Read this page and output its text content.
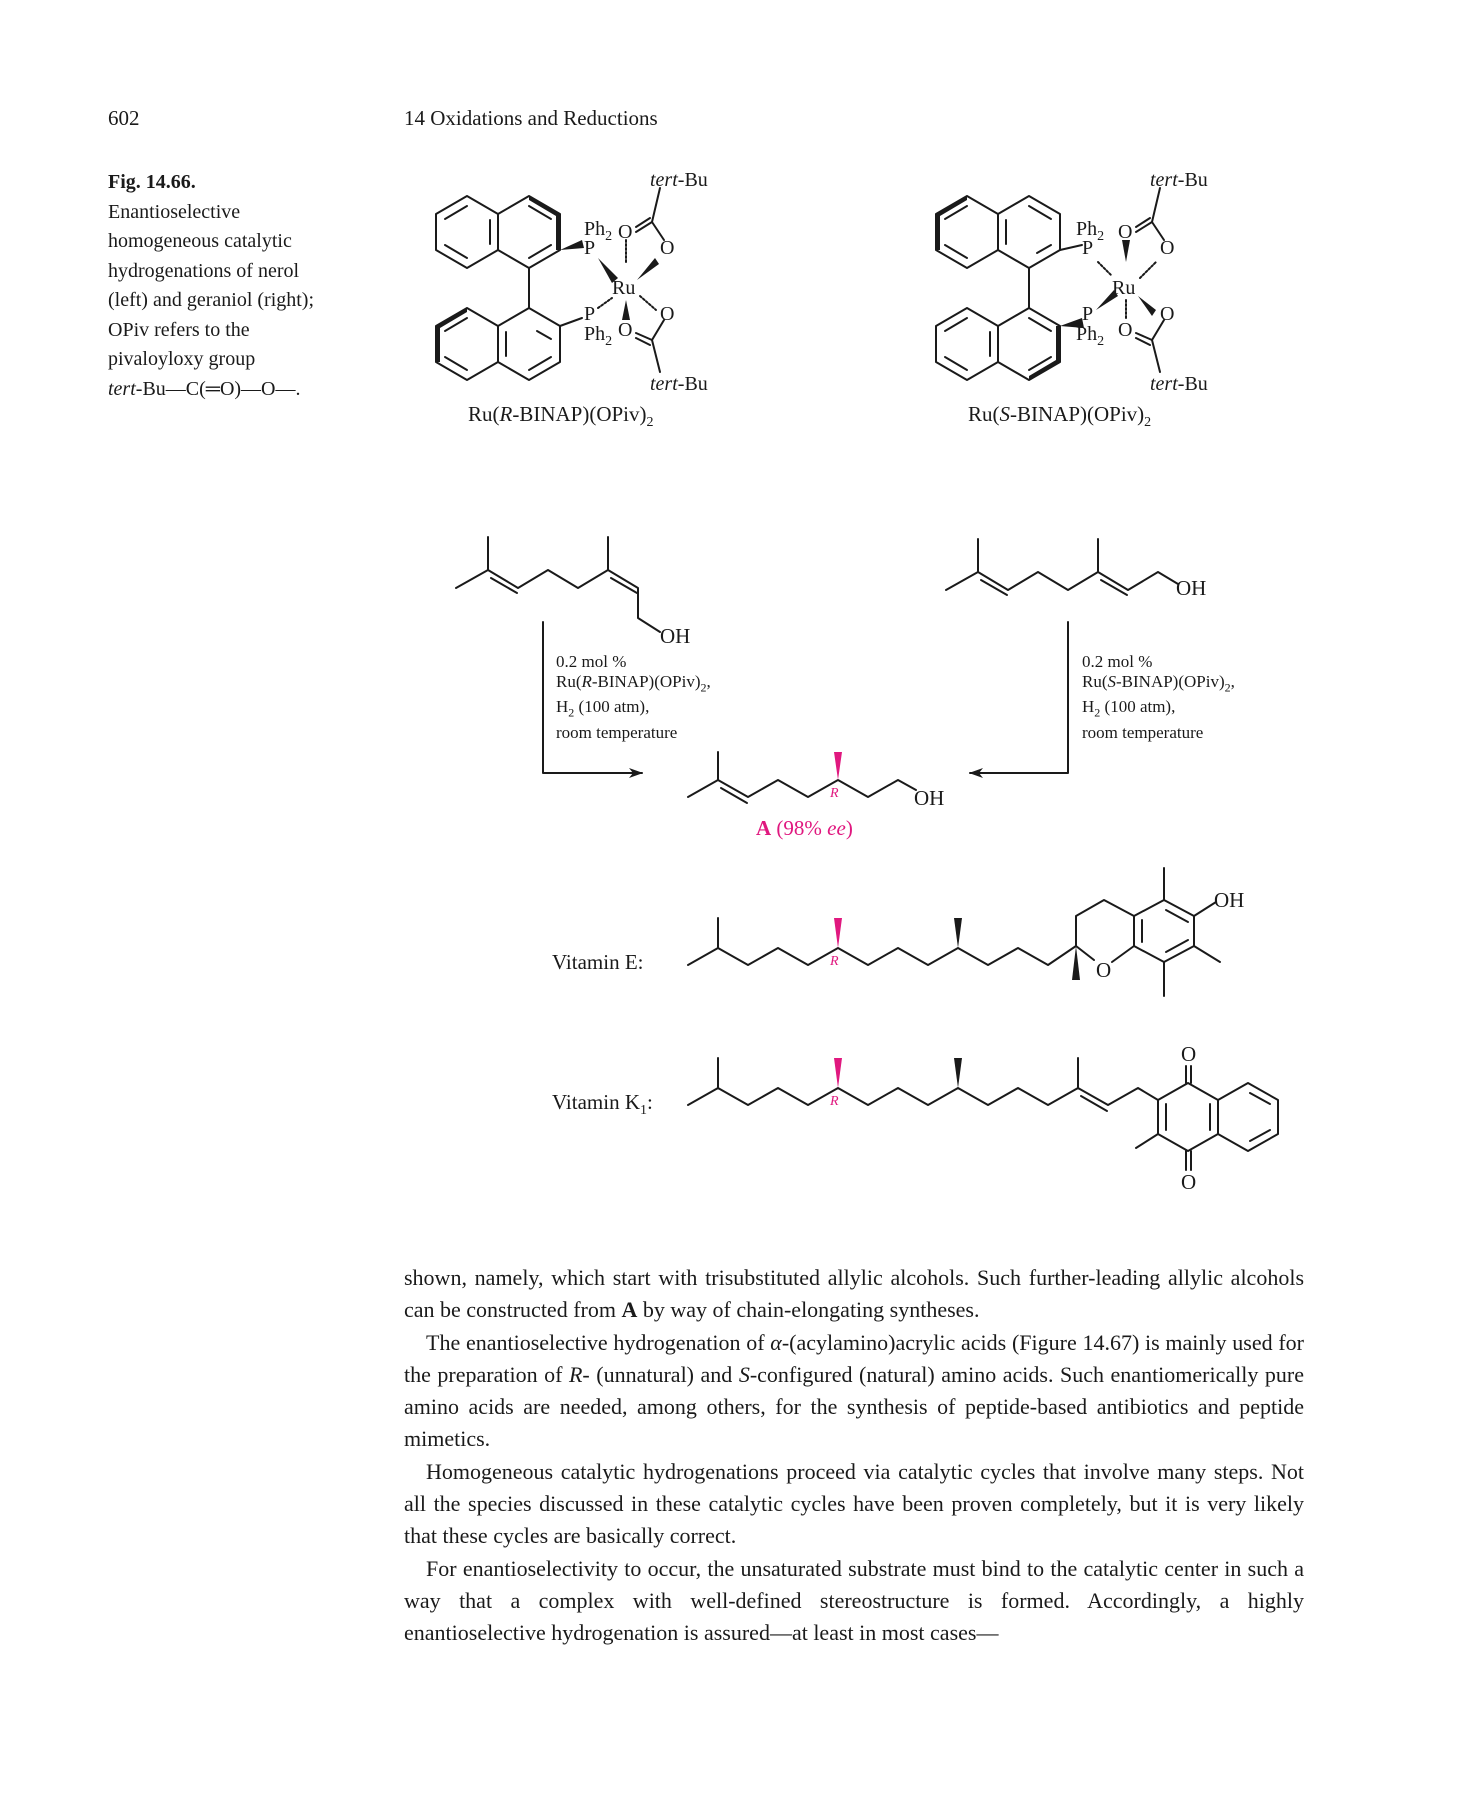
602	14 Oxidations and Reductions
Fig. 14.66.
Enantioselective
homogeneous catalytic
hydrogenations of nerol
(left) and geraniol (right);
OPiv refers to the
pivaloyloxy group
tert-Bu—C(═O)—O—.
tert-Bu
tert-Bu
$Ph_2$
P
O
O
Ru
P
$Ph_2$
O
O
tert-Bu
tert-Bu
$Ph_2$
P
O
O
Ru
P
$Ph_2$
O
O
$Ru(R-BINAP)(OPiv)_2$	$Ru(S-BINAP)(OPiv)_2$
OH
OH
0.2 mol %
$Ru(R-BINAP)(OPiv)_2$,
$H_2$ (100 atm),
room temperature
0.2 mol %
$Ru(S-BINAP)(OPiv)_2$,
$H_2$ (100 atm),
room temperature
R	OH
A (98% ee)
Vitamin E:	R	O
OH
Vitamin $K_1$:	R
O
O

shown, namely, which start with trisubstituted allylic alcohols. Such further-leading allylic alcohols can be constructed from A by way of chain-elongating syntheses.

The enantioselective hydrogenation of α-(acylamino)acrylic acids (Figure 14.67) is mainly used for the preparation of R- (unnatural) and S-configured (natural) amino acids. Such enantiomerically pure amino acids are needed, among others, for the synthesis of peptide-based antibiotics and peptide mimetics.

Homogeneous catalytic hydrogenations proceed via catalytic cycles that involve many steps. Not all the species discussed in these catalytic cycles have been proven completely, but it is very likely that these cycles are basically correct.

For enantioselectivity to occur, the unsaturated substrate must bind to the catalytic center in such a way that a complex with well-defined stereostructure is formed. Accordingly, a highly enantioselective hydrogenation is assured—at least in most cases—
